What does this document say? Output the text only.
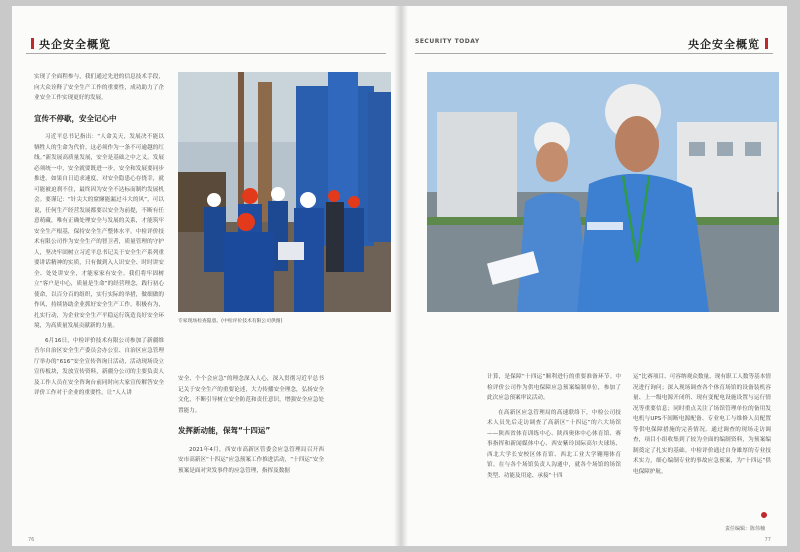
央企安全概览

实现了全面程参与，我们通过先进的信息技术手段，向大众诠释了安全生产工作的重要性，成功助力了企业安全工作实现更好的发展。

宣传不停歇，安全记心中

习近平总书记指出：“人命关天，发展决不能以牺牲人的生命为代价。这必须作为一条不可逾越的红线。”新发展高质量发展，安全是基础之中之义。发展必须统一中，安全就要既进一步，安全和发展要同步推进。如果自日追求速度，对安全隐患心存侥幸，就可能被迫刹不住，最终因为安全不达标而制约发展机会。要谨记：“针尖大的窟窿能漏过斗大的风”，可以说，任何生产经营发展都要以安全为前提，不断有任意萌藏，唯有正确处理安全与发展的关系，才能筑牢安全生产根基，保持安全生产整体水平。中检评价技术有限公司作为安全生产的智卫者，质量管理的守护人，坚决牢固树立习近平总书记关于安全生产系列重要讲话精神的实质，只有做到入人识安全、时时讲安全、处处讲安全，才能家家有安全。我们将牢固树立“客户是中心，质量是生命”的经营理念，践行初心使命，以百分百的组织，实行实际的举措，做细做的作风，持续协助企业抓好安全生产工作，积极有为，扎实行动，为企业安全生产平稳运行筑造良好安全环境，为高质量发展贡献新的力量。

6月16日，中检评价技术有限公司参加了新疆维吾尔自治区安全生产委员会办公室、自治区应急管理厅举办的“616”安全宣传咨询日活动，活动现场设立宣传板块，发放宣传资料，新疆分公司的主要负责人及工作人员在安全咨询台前同时向大家宣传解答安全评价工作对于企业的重要性，让“人人讲

专家现场检查隐患。(中检评价技术有限公司供图)

安全、个个会应急”的理念深入人心，深入贯彻习近平总书记关于安全生产的重要论述，大力传播安全理念，弘扬安全文化，不断引导树立安全防范和责任意识，增强安全应急处置能力。

发挥新动能，保驾“十四运”

2021年4月，西安市高新区管委会应急管理局召开西安市高新区“十四运”应急预案工作推进活动，“十四运”安全预案是面对突发事件的应急管理，指挥及数据

76
SECURITY TODAY	央企安全概览

计算，是保障“十四运”顺利进行的重要准备环节。中检评价公司作为供电保障应急预案编制单位，参加了此次应急预案审议活动。

在高新区应急管理局的高速联络下，中检公司技术人员先后走访调查了高新区“十四运”的六大场馆——陕西省体育训练中心、陕西奥体中心体育馆、赛事指挥和新闻媒体中心、西安紫玲国际高尔夫球场、西北大学长安校区体育馆、西北工业大学翱翔体育馆。在与各个场馆负责人沟通中，就各个场馆的场馆类型、功能及用途、承接“十四

运”比赛项目、可容纳观众数量、现有职工人数等基本情况进行询问；深入现场调查各个体育场馆的设备装机容量、上一级电源开闭所、现有变配电设施设置与运行情况等重要信息；同时重点关注了场馆管理单位的备用发电机与UPS不间断电源配备、专业电工与维修人员配置等供电保障措施的完善情况。通过调查的现场走访调查，项目小组收集到了较为全面的编制资料，为预案编制奠定了扎实的基础。中检评价通过自身雄厚的专业技术实力，细心编制专业的事故应急预案，为“十四运”供电保障护航。

责任编辑：陈伟楠
77
